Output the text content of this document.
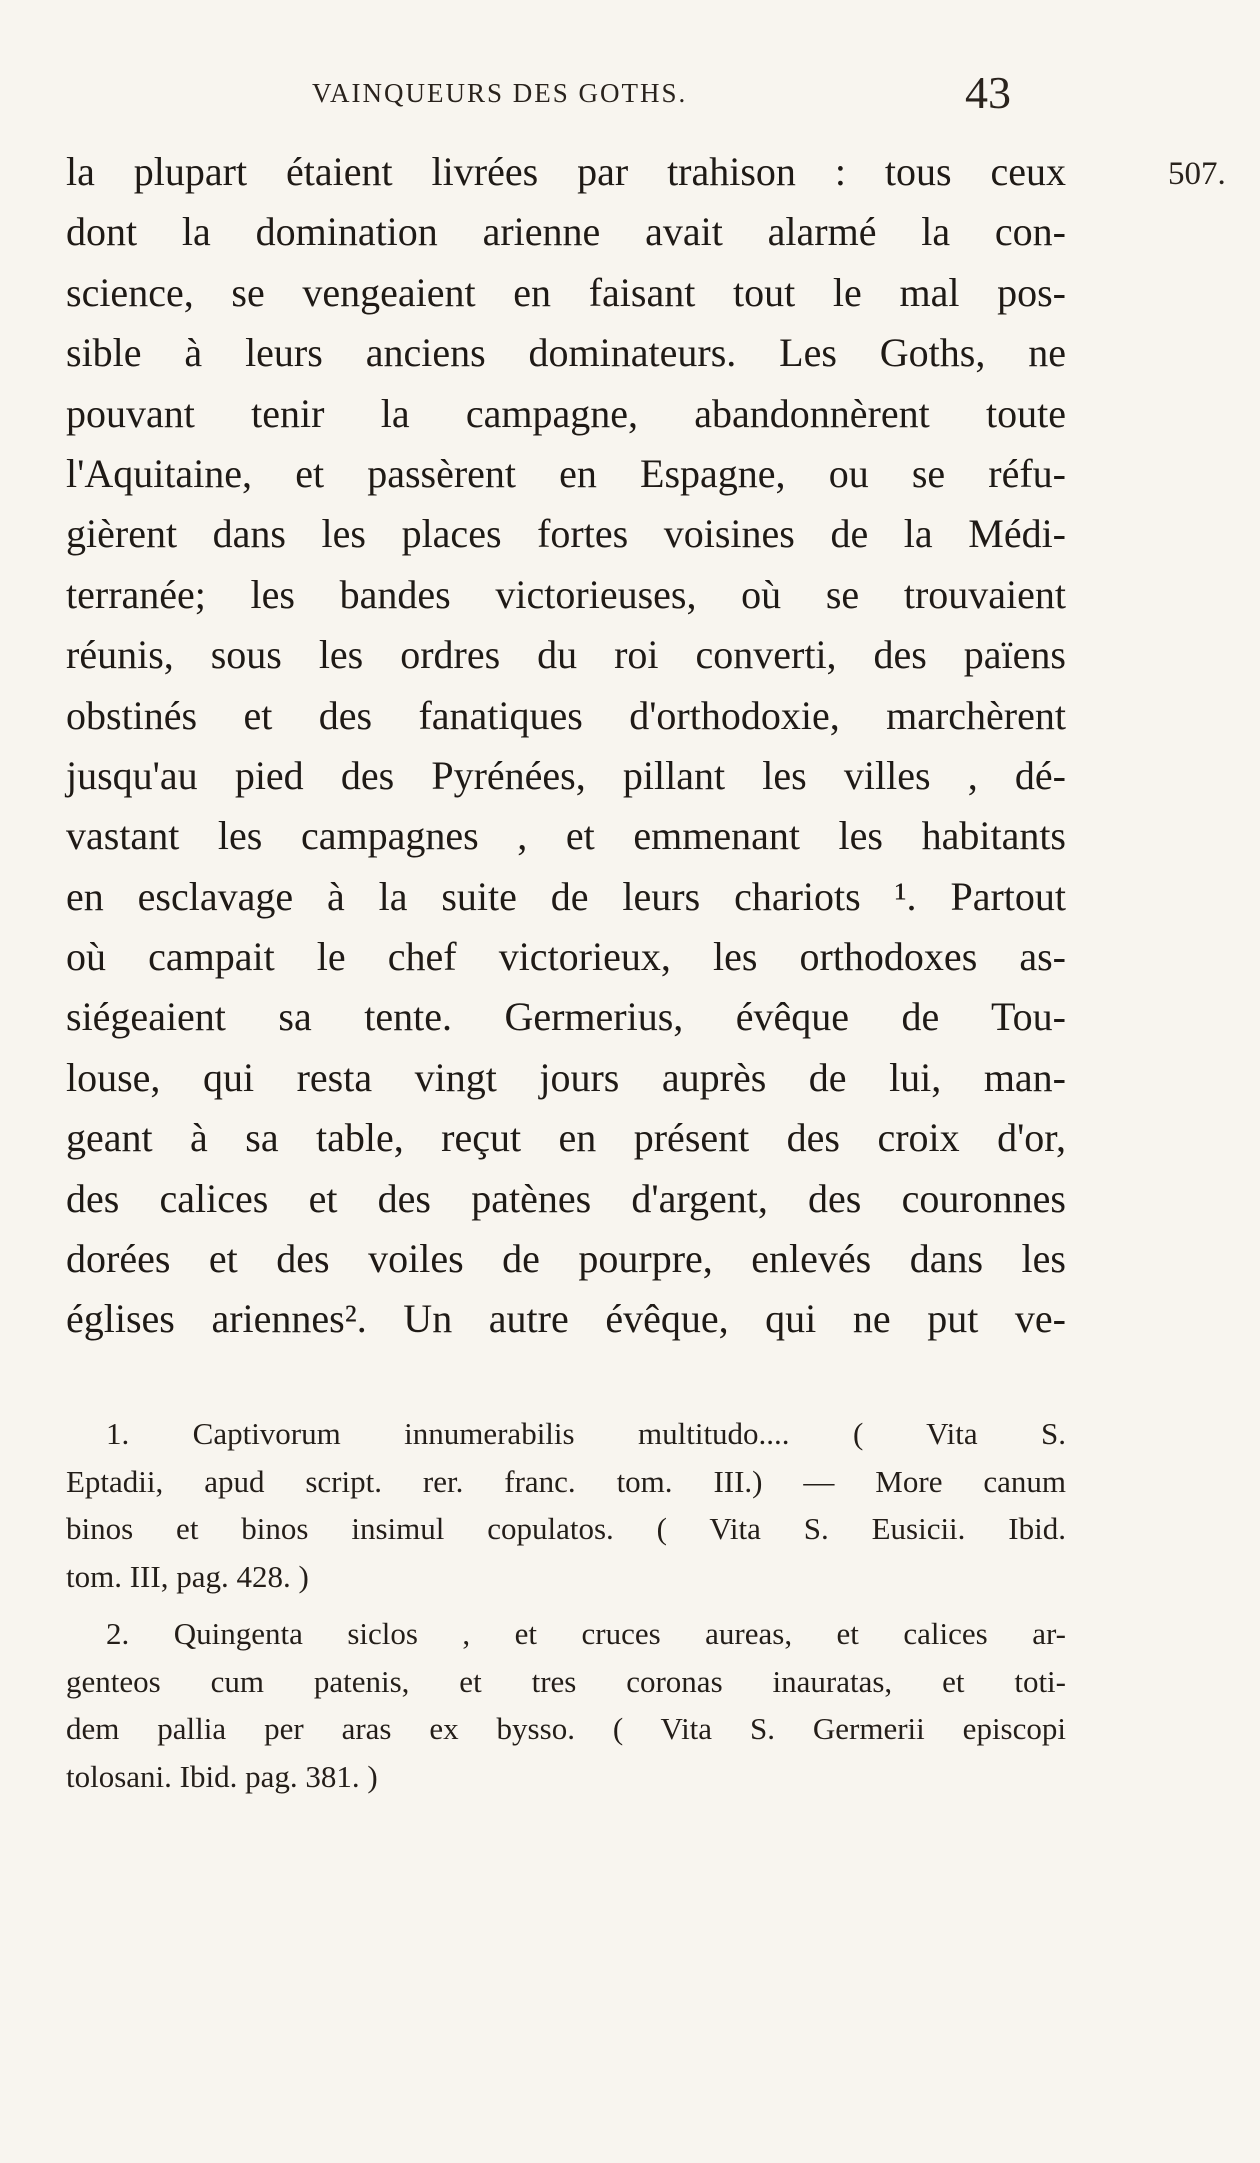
VAINQUEURS DES GOTHS.	43
507.
la plupart étaient livrées par trahison : tous ceux
dont la domination arienne avait alarmé la con-
science, se vengeaient en faisant tout le mal pos-
sible à leurs anciens dominateurs. Les Goths, ne
pouvant tenir la campagne, abandonnèrent toute
l'Aquitaine, et passèrent en Espagne, ou se réfu-
gièrent dans les places fortes voisines de la Médi-
terranée; les bandes victorieuses, où se trouvaient
réunis, sous les ordres du roi converti, des païens
obstinés et des fanatiques d'orthodoxie, marchèrent
jusqu'au pied des Pyrénées, pillant les villes , dé-
vastant les campagnes , et emmenant les habitants
en esclavage à la suite de leurs chariots ¹. Partout
où campait le chef victorieux, les orthodoxes as-
siégeaient sa tente. Germerius, évêque de Tou-
louse, qui resta vingt jours auprès de lui, man-
geant à sa table, reçut en présent des croix d'or,
des calices et des patènes d'argent, des couronnes
dorées et des voiles de pourpre, enlevés dans les
églises ariennes². Un autre évêque, qui ne put ve-
1. Captivorum innumerabilis multitudo.... ( Vita S.
Eptadii, apud script. rer. franc. tom. III.) — More canum
binos et binos insimul copulatos. ( Vita S. Eusicii. Ibid.
tom. III, pag. 428. )
2. Quingenta siclos , et cruces aureas, et calices ar-
genteos cum patenis, et tres coronas inauratas, et toti-
dem pallia per aras ex bysso. ( Vita S. Germerii episcopi
tolosani. Ibid. pag. 381. )
